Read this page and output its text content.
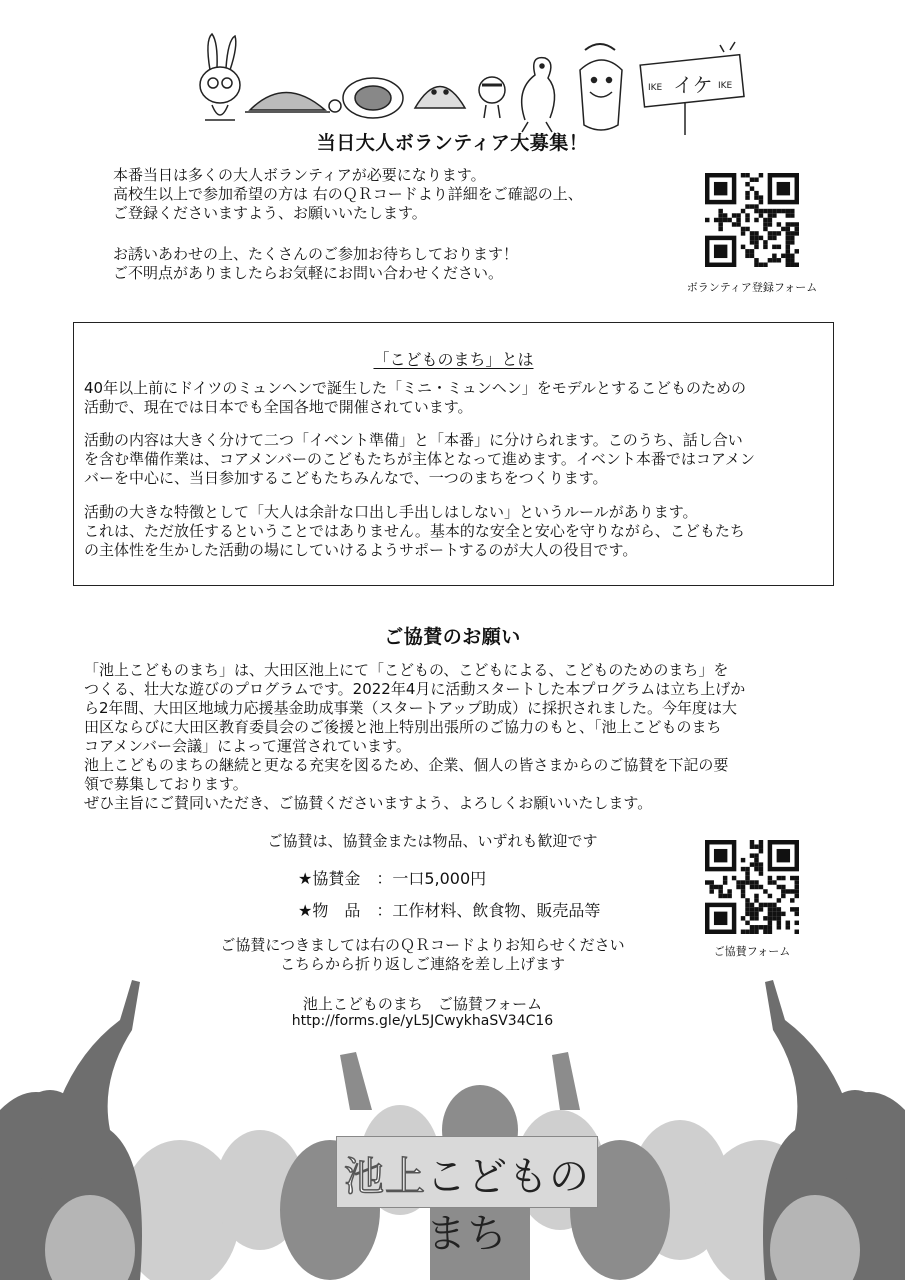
IKE イケ IKE
当日大人ボランティア大募集！
本番当日は多くの大人ボランティアが必要になります。
高校生以上で参加希望の方は 右のＱＲコードより詳細をご確認の上、
ご登録くださいますよう、お願いいたします。
お誘いあわせの上、たくさんのご参加お待ちしております！
ご不明点がありましたらお気軽にお問い合わせください。
ボランティア登録フォーム
「こどものまち」とは
40年以上前にドイツのミュンヘンで誕生した「ミニ・ミュンヘン」をモデルとするこどものための
活動で、現在では日本でも全国各地で開催されています。
活動の内容は大きく分けて二つ「イベント準備」と「本番」に分けられます。このうち、話し合い
を含む準備作業は、コアメンバーのこどもたちが主体となって進めます。イベント本番ではコアメン
バーを中心に、当日参加するこどもたちみんなで、一つのまちをつくります。
活動の大きな特徴として「大人は余計な口出し手出しはしない」というルールがあります。
これは、ただ放任するということではありません。基本的な安全と安心を守りながら、こどもたち
の主体性を生かした活動の場にしていけるようサポートするのが大人の役目です。
ご協賛のお願い
「池上こどものまち」は、大田区池上にて「こどもの、こどもによる、こどものためのまち」を
つくる、壮大な遊びのプログラムです。2022年4月に活動スタートした本プログラムは立ち上げか
ら2年間、大田区地域力応援基金助成事業（スタートアップ助成）に採択されました。今年度は大
田区ならびに大田区教育委員会のご後援と池上特別出張所のご協力のもと、「池上こどものまち
コアメンバー会議」によって運営されています。
池上こどものまちの継続と更なる充実を図るため、企業、個人の皆さまからのご協賛を下記の要
領で募集しております。
ぜひ主旨にご賛同いただき、ご協賛くださいますよう、よろしくお願いいたします。
ご協賛は、協賛金または物品、いずれも歓迎です
★協賛金　：一口5,000円
★物　品　：工作材料、飲食物、販売品等
ご協賛につきましては右のＱＲコードよりお知らせください
こちらから折り返しご連絡を差し上げます
ご協賛フォーム
池上こどものまち
池上こどものまち　ご協賛フォーム
http://forms.gle/yL5JCwykhaSV34C16
